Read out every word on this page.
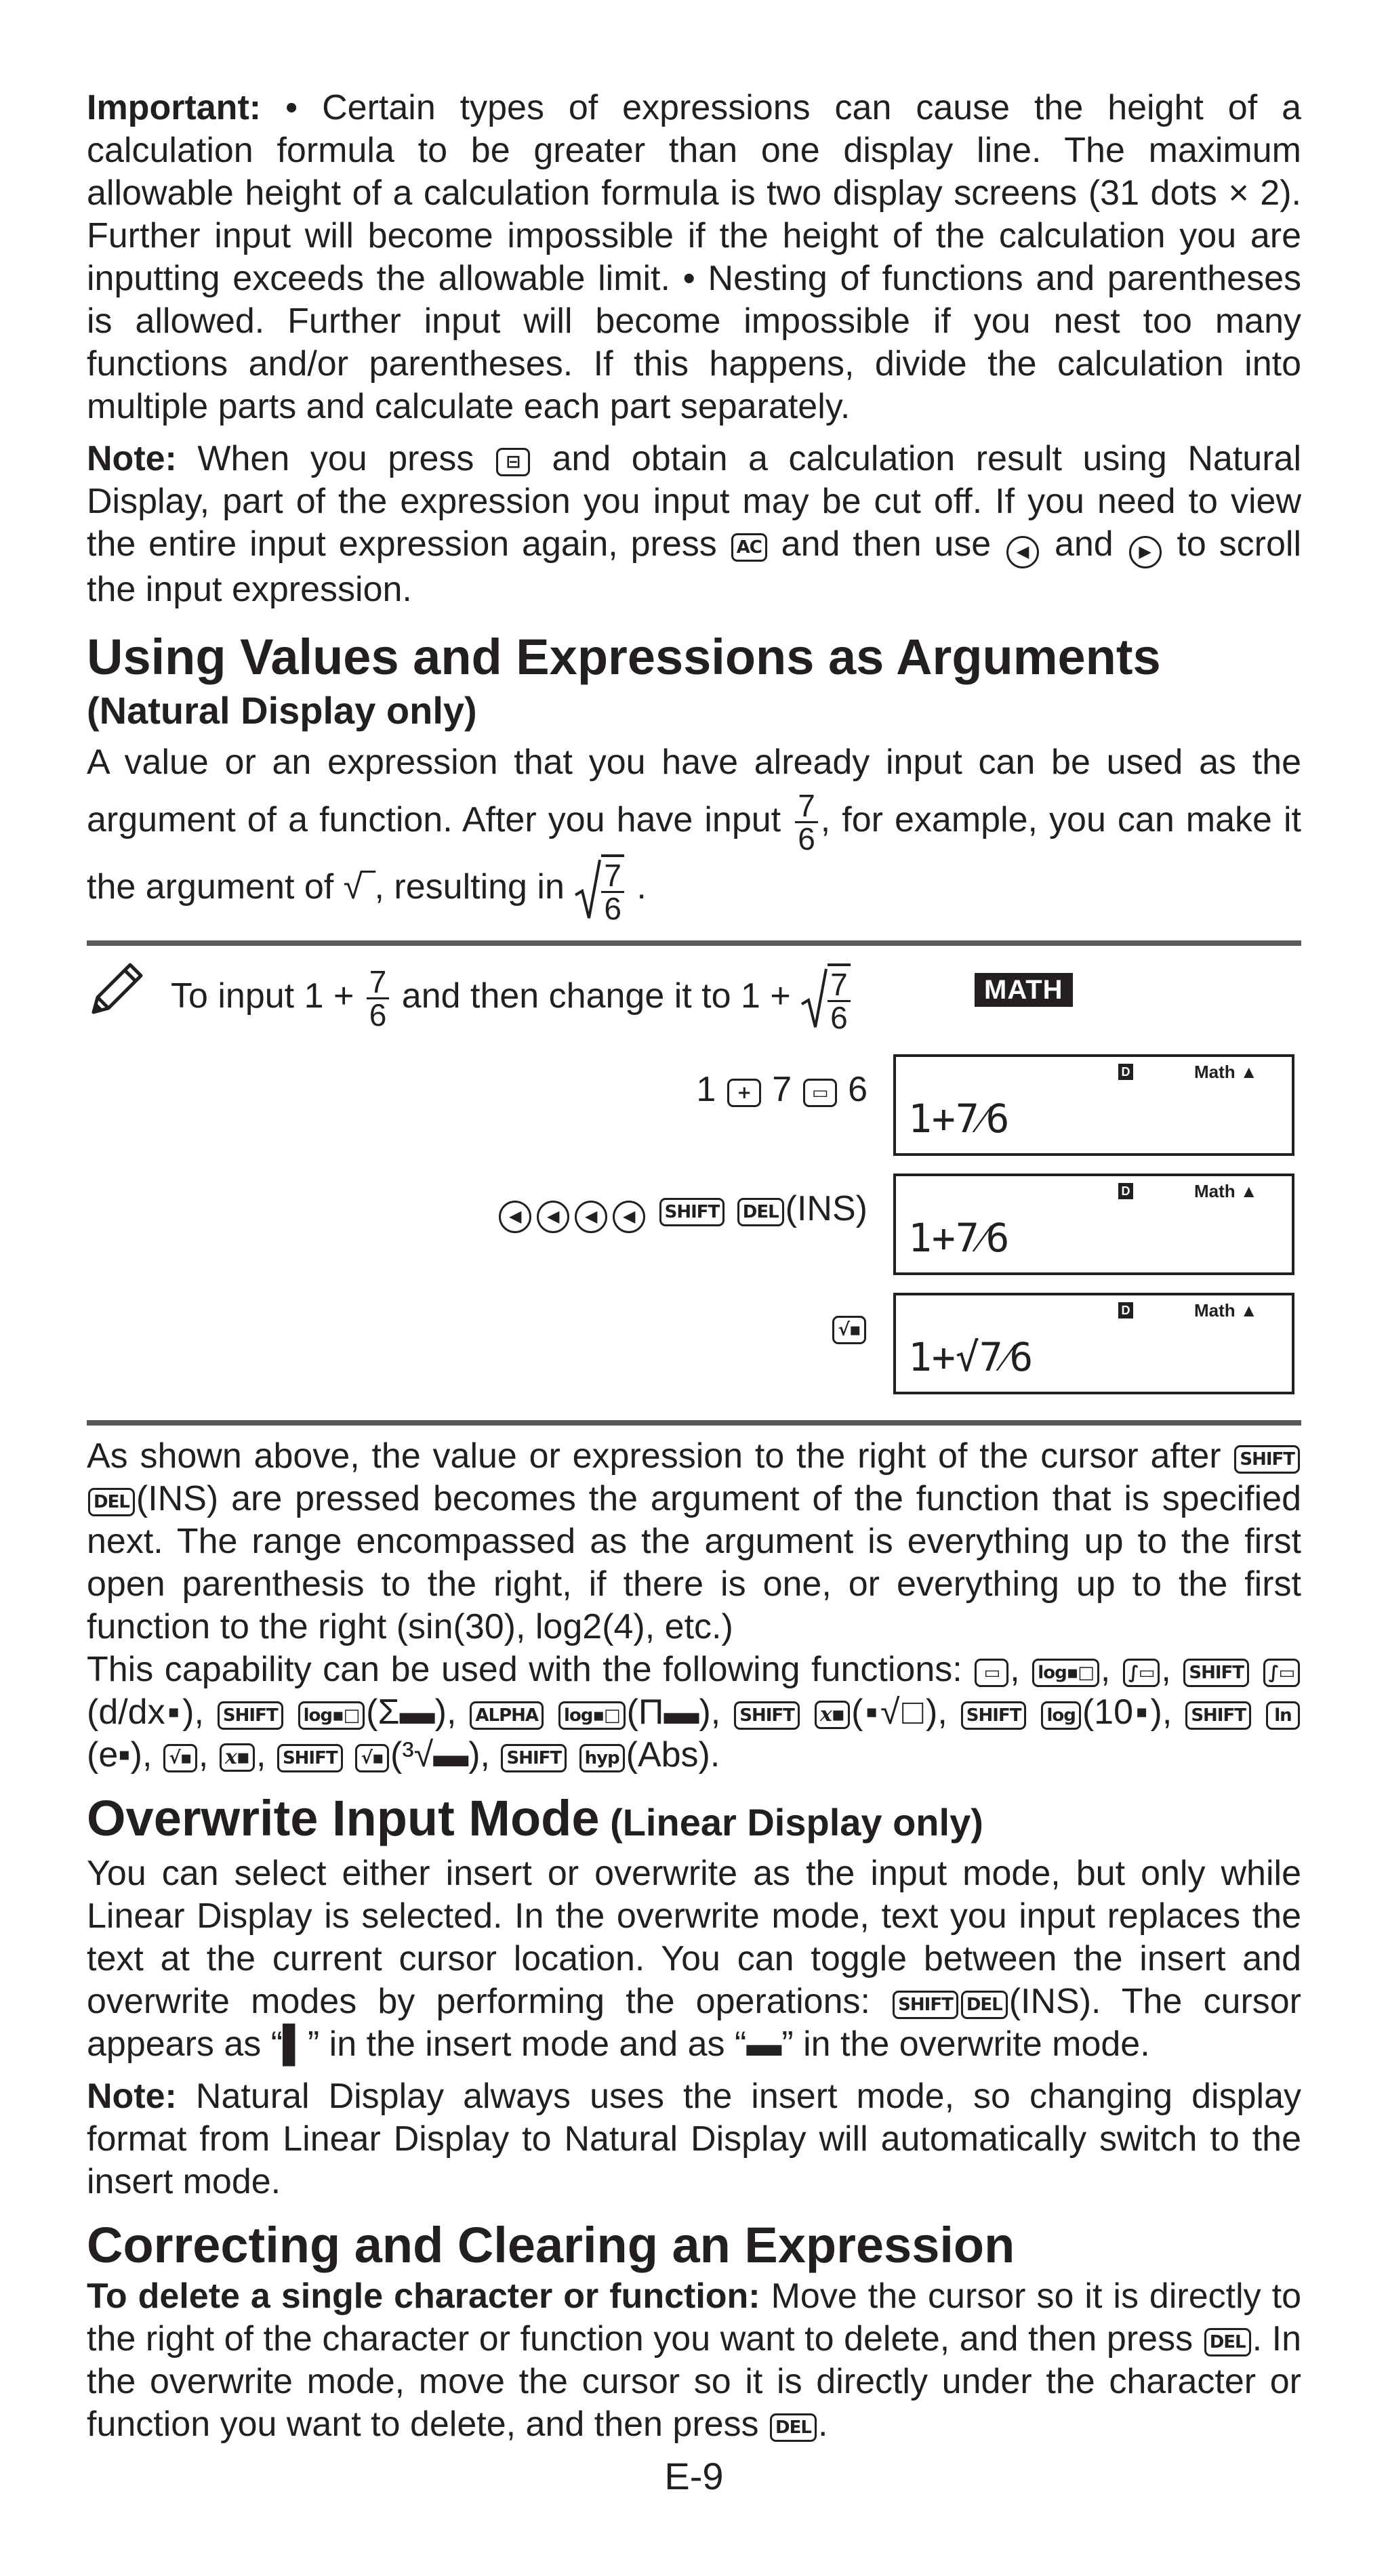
Important: • Certain types of expressions can cause the height of a calculation formula to be greater than one display line. The maximum allowable height of a calculation formula is two display screens (31 dots × 2). Further input will become impossible if the height of the calculation you are inputting exceeds the allowable limit. • Nesting of functions and parentheses is allowed. Further input will become impossible if you nest too many functions and/or parentheses. If this happens, divide the calculation into multiple parts and calculate each part separately.

Note: When you press ⊟ and obtain a calculation result using Natural Display, part of the expression you input may be cut off. If you need to view the entire input expression again, press AC and then use ◀ and ▶ to scroll the input expression.

Using Values and Expressions as Arguments
(Natural Display only)

A value or an expression that you have already input can be used as the argument of a function. After you have input $\frac{7}{6}$ , for example, you can make it the argument of √‾, resulting in $\frac{7}{6}$ .

To input $1 + \frac{7}{6}$ and then change it to $1 + \frac{7}{6}$	MATH
1 + 7 ▭ 6	D	Math ▲
1+7⁄6
◀ ◀ ◀ ◀ SHIFT DEL (INS)	D	Math ▲
1+7⁄6
√▪
D	Math ▲
1+√7⁄6

As shown above, the value or expression to the right of the cursor after SHIFTDEL (INS) are pressed becomes the argument of the function that is specified next. The range encompassed as the argument is everything up to the first open parenthesis to the right, if there is one, or everything up to the first function to the right (sin(30), log2(4), etc.)

This capability can be used with the following functions: ▭ , log▪□ , ∫▭ , SHIFT ∫▭(d/dx▪), SHIFT log▪□ (Σ▬), ALPHA log▪□ (Π▬), SHIFT x▪ (▪√□), SHIFT log (10▪), SHIFT ln(e▪), √▪ , x▪ , SHIFT √▪ (³√▬), SHIFT hyp (Abs).

Overwrite Input Mode (Linear Display only)

You can select either insert or overwrite as the input mode, but only while Linear Display is selected. In the overwrite mode, text you input replaces the text at the current cursor location. You can toggle between the insert and overwrite modes by performing the operations: SHIFT DEL (INS). The cursor appears as “▌” in the insert mode and as “▬” in the overwrite mode.

Note: Natural Display always uses the insert mode, so changing display format from Linear Display to Natural Display will automatically switch to the insert mode.

Correcting and Clearing an Expression

To delete a single character or function: Move the cursor so it is directly to the right of the character or function you want to delete, and then press DEL . In the overwrite mode, move the cursor so it is directly under the character or function you want to delete, and then press DEL .

E-9
